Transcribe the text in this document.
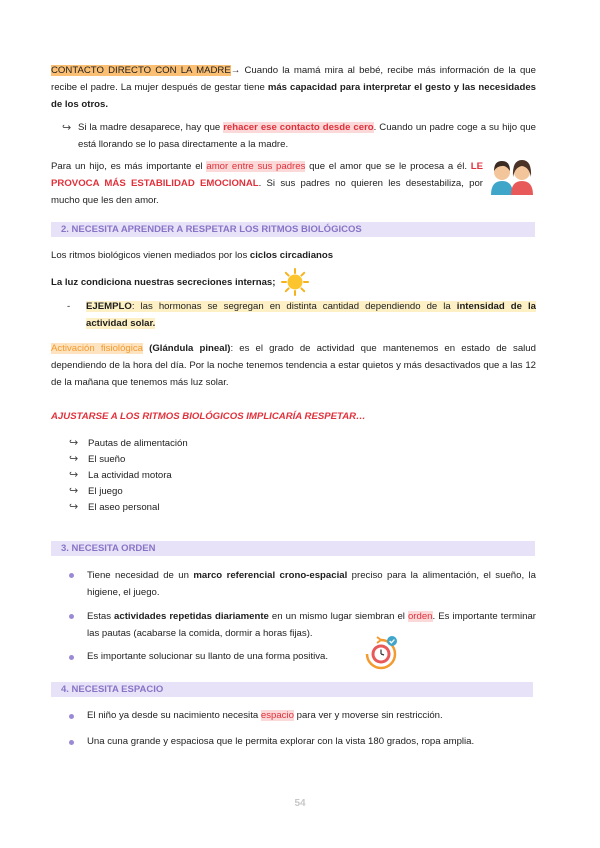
CONTACTO DIRECTO CON LA MADRE→ Cuando la mamá mira al bebé, recibe más información de la que recibe el padre. La mujer después de gestar tiene más capacidad para interpretar el gesto y las necesidades de los otros.
↪ Si la madre desaparece, hay que rehacer ese contacto desde cero. Cuando un padre coge a su hijo que está llorando se lo pasa directamente a la madre.
Para un hijo, es más importante el amor entre sus padres que el amor que se le procesa a él. LE PROVOCA MÁS ESTABILIDAD EMOCIONAL. Si sus padres no quieren les desestabiliza, por mucho que les den amor.
2. NECESITA APRENDER A RESPETAR LOS RITMOS BIOLÓGICOS
Los ritmos biológicos vienen mediados por los ciclos circadianos
La luz condiciona nuestras secreciones internas;
- EJEMPLO: las hormonas se segregan en distinta cantidad dependiendo de la intensidad de la actividad solar.
Activación fisiológica (Glándula pineal): es el grado de actividad que mantenemos en estado de salud dependiendo de la hora del día. Por la noche tenemos tendencia a estar quietos y más desactivados que a las 12 de la mañana que tenemos más luz solar.
AJUSTARSE A LOS RITMOS BIOLÓGICOS IMPLICARÍA RESPETAR…
↪ Pautas de alimentación
↪ El sueño
↪ La actividad motora
↪ El juego
↪ El aseo personal
3. NECESITA ORDEN
Tiene necesidad de un marco referencial crono-espacial preciso para la alimentación, el sueño, la higiene, el juego.
Estas actividades repetidas diariamente en un mismo lugar siembran el orden. Es importante terminar las pautas (acabarse la comida, dormir a horas fijas).
Es importante solucionar su llanto de una forma positiva.
4. NECESITA ESPACIO
El niño ya desde su nacimiento necesita espacio para ver y moverse sin restricción.
Una cuna grande y espaciosa que le permita explorar con la vista 180 grados, ropa amplia.
54
